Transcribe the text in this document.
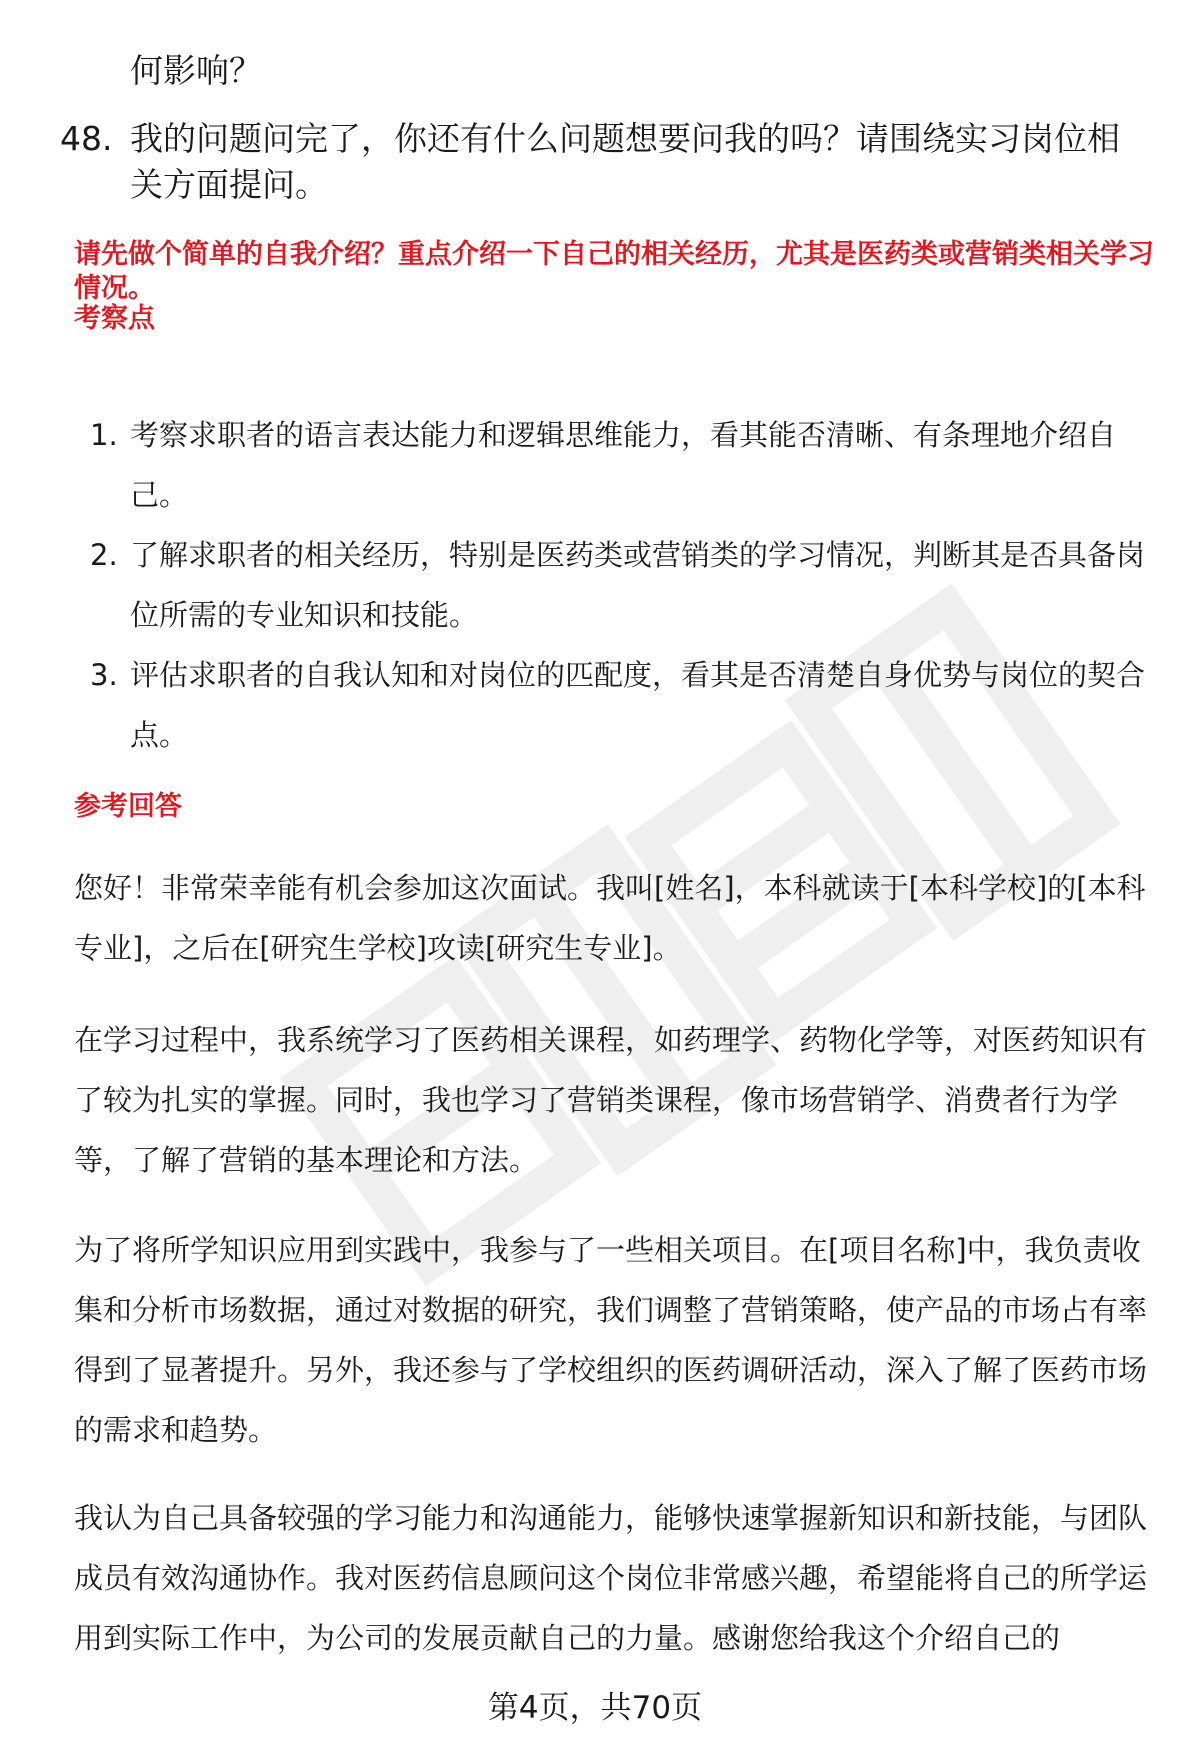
何影响？

48. 我的问题问完了，你还有什么问题想要问我的吗？请围绕实习岗位相关方面提问。

请先做个简单的自我介绍？重点介绍一下自己的相关经历，尤其是医药类或营销类相关学习情况。

考察点

1. 考察求职者的语言表达能力和逻辑思维能力，看其能否清晰、有条理地介绍自己。
2. 了解求职者的相关经历，特别是医药类或营销类的学习情况，判断其是否具备岗位所需的专业知识和技能。
3. 评估求职者的自我认知和对岗位的匹配度，看其是否清楚自身优势与岗位的契合点。

参考回答

您好！非常荣幸能有机会参加这次面试。我叫[姓名]，本科就读于[本科学校]的[本科专业]，之后在[研究生学校]攻读[研究生专业]。

在学习过程中，我系统学习了医药相关课程，如药理学、药物化学等，对医药知识有了较为扎实的掌握。同时，我也学习了营销类课程，像市场营销学、消费者行为学等，了解了营销的基本理论和方法。

为了将所学知识应用到实践中，我参与了一些相关项目。在[项目名称]中，我负责收集和分析市场数据，通过对数据的研究，我们调整了营销策略，使产品的市场占有率得到了显著提升。另外，我还参与了学校组织的医药调研活动，深入了解了医药市场的需求和趋势。

我认为自己具备较强的学习能力和沟通能力，能够快速掌握新知识和新技能，与团队成员有效沟通协作。我对医药信息顾问这个岗位非常感兴趣，希望能将自己的所学运用到实际工作中，为公司的发展贡献自己的力量。感谢您给我这个介绍自己的

第4页，共70页
